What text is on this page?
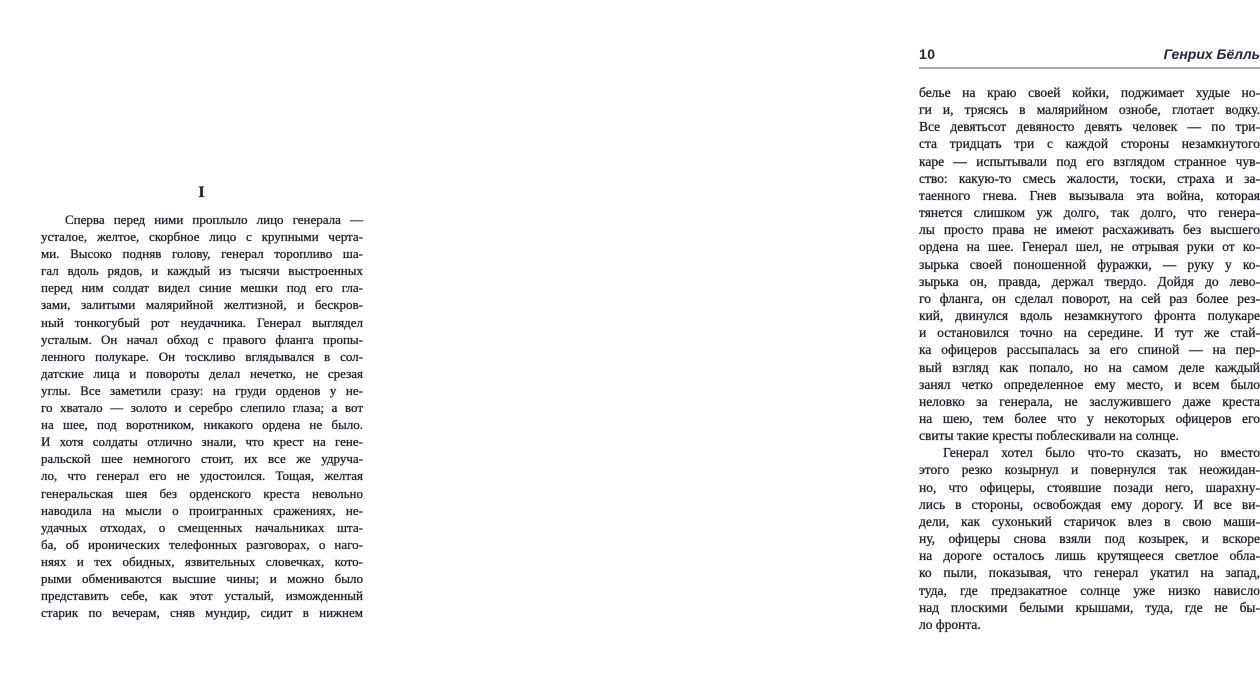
I
Сперва перед ними проплыло лицо генерала —
усталое, желтое, скорбное лицо с крупными черта-
ми. Высоко подняв голову, генерал торопливо ша-
гал вдоль рядов, и каждый из тысячи выстроенных
перед ним солдат видел синие мешки под его гла-
зами, залитыми малярийной желтизной, и бескров-
ный тонкогубый рот неудачника. Генерал выглядел
усталым. Он начал обход с правого фланга пропы-
ленного полукаре. Он тоскливо вглядывался в сол-
датские лица и повороты делал нечетко, не срезая
углы. Все заметили сразу: на груди орденов у не-
го хватало — золото и серебро слепило глаза; а вот
на шее, под воротником, никакого ордена не было.
И хотя солдаты отлично знали, что крест на гене-
ральской шее немногого стоит, их все же удруча-
ло, что генерал его не удостоился. Тощая, желтая
генеральская шея без орденского креста невольно
наводила на мысли о проигранных сражениях, не-
удачных отходах, о смещенных начальниках шта-
ба, об иронических телефонных разговорах, о наго-
няях и тех обидных, язвительных словечках, кото-
рыми обмениваются высшие чины; и можно было
представить себе, как этот усталый, изможденный
старик по вечерам, сняв мундир, сидит в нижнем
10	Генрих Бёлль
белье на краю своей койки, поджимает худые но-
ги и, трясясь в малярийном ознобе, глотает водку.
Все девятьсот девяносто девять человек — по три-
ста тридцать три с каждой стороны незамкнутого
каре — испытывали под его взглядом странное чув-
ство: какую-то смесь жалости, тоски, страха и за-
таенного гнева. Гнев вызывала эта война, которая
тянется слишком уж долго, так долго, что генера-
лы просто права не имеют расхаживать без высшего
ордена на шее. Генерал шел, не отрывая руки от ко-
зырька своей поношенной фуражки, — руку у ко-
зырька он, правда, держал твердо. Дойдя до лево-
го фланга, он сделал поворот, на сей раз более рез-
кий, двинулся вдоль незамкнутого фронта полукаре
и остановился точно на середине. И тут же стай-
ка офицеров рассыпалась за его спиной — на пер-
вый взгляд как попало, но на самом деле каждый
занял четко определенное ему место, и всем было
неловко за генерала, не заслужившего даже креста
на шею, тем более что у некоторых офицеров его
свиты такие кресты поблескивали на солнце.
Генерал хотел было что-то сказать, но вместо
этого резко козырнул и повернулся так неожидан-
но, что офицеры, стоявшие позади него, шарахну-
лись в стороны, освобождая ему дорогу. И все ви-
дели, как сухонький старичок влез в свою маши-
ну, офицеры снова взяли под козырек, и вскоре
на дороге осталось лишь крутящееся светлое обла-
ко пыли, показывая, что генерал укатил на запад,
туда, где предзакатное солнце уже низко нависло
над плоскими белыми крышами, туда, где не бы-
ло фронта.
